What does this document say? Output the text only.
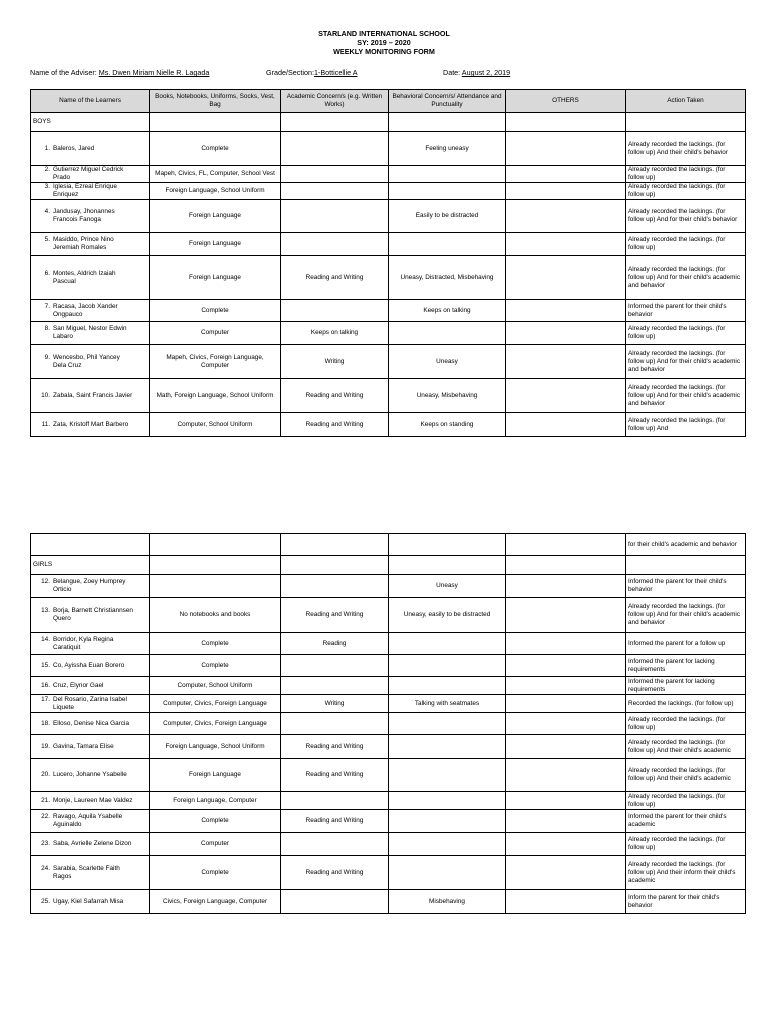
STARLAND INTERNATIONAL SCHOOL
SY: 2019 – 2020
WEEKLY MONITORING FORM
Name of the Adviser: Ms. Dwen Miriam Nielle R. Lagada	Grade/Section:1-Botticellie A	Date: August 2, 2019
Name of the Learners	Books, Notebooks, Uniforms, Socks, Vest, Bag	Academic Concern/s (e.g. Written Works)	Behavioral Concern/s/ Attendance and Punctuality	OTHERS	Action Taken
BOYS					
1. Baleros, Jared	Complete		Feeling uneasy		Already recorded the lackings. (for follow up) And their child's behavior
2. Gutierrez Miguel Cedrick Prado	Mapeh, Civics, FL, Computer, School Vest				Already recorded the lackings. (for follow up)
3. Iglesia, Ezreal Enrique Enriquez	Foreign Language, School Uniform				Already recorded the lackings. (for follow up)
4. Jandusay, Jhonannes Francois Fanoga	Foreign Language		Easily to be distracted		Already recorded the lackings. (for follow up) And for their child's behavior
5. Masiddo, Prince Nino Jeremiah Romales	Foreign Language				Already recorded the lackings. (for follow up)
6. Montes, Aldrich Izaiah Pascual	Foreign Language	Reading and Writing	Uneasy, Distracted, Misbehaving		Already recorded the lackings. (for follow up) And for their child's academic and behavior
7. Racasa, Jacob Xander Ongpauco	Complete		Keeps on talking		Informed the parent for their child's behavior
8. San Miguel, Nestor Edwin Labaro	Computer	Keeps on talking			Already recorded the lackings. (for follow up)
9. Wencesbo, Phil Yancey Dela Cruz	Mapeh, Civics, Foreign Language, Computer	Writing	Uneasy		Already recorded the lackings. (for follow up) And for their child's academic and behavior
10. Zabala, Saint Francis Javier	Math, Foreign Language, School Uniform	Reading and Writing	Uneasy, Misbehaving		Already recorded the lackings. (for follow up) And for their child's academic and behavior
11. Zata, Kristoff Mart Barbero	Computer, School Uniform	Reading and Writing	Keeps on standing		Already recorded the lackings. (for follow up) And
					for their child's academic and behavior
GIRLS					
12. Belangue, Zoey Humprey Orticio			Uneasy		Informed the parent for their child's behavior
13. Borja, Barnett Christiannsen Quero	No notebooks and books	Reading and Writing	Uneasy, easily to be distracted		Already recorded the lackings. (for follow up) And for their child's academic and behavior
14. Borridor, Kyla Regina Caratiquit	Complete	Reading			Informed the parent for a follow up
15. Co, Ayissha Euan Borero	Complete				Informed the parent for lacking requirements
16. Cruz, Elynor Gael	Computer, School Uniform				Informed the parent for lacking requirements
17. Del Rosario, Zarina Isabel Liquete	Computer, Civics, Foreign Language	Writing	Talking with seatmates		Recorded the lackings. (for follow up)
18. Elloso, Denise Nica Garcia	Computer, Civics, Foreign Language				Already recorded the lackings. (for follow up)
19. Gavina, Tamara Elise	Foreign Language, School Uniform	Reading and Writing			Already recorded the lackings. (for follow up) And their child's academic
20. Lucero, Johanne Ysabelle	Foreign Language	Reading and Writing			Already recorded the lackings. (for follow up) And their child's academic
21. Monje, Laureen Mae Valdez	Foreign Language, Computer				Already recorded the lackings. (for follow up)
22. Ravago, Aquila Ysabelle Aguinaldo	Complete	Reading and Writing			Informed the parent for their child's academic
23. Saba, Avrielle Zelene Dizon	Computer				Already recorded the lackings. (for follow up)
24. Sarabia, Scarlette Faith Ragos	Complete	Reading and Writing			Already recorded the lackings. (for follow up) And their inform their child's academic
25. Ugay, Kiel Safarrah Misa	Civics, Foreign Language, Computer		Misbehaving		Inform the parent for their child's behavior
